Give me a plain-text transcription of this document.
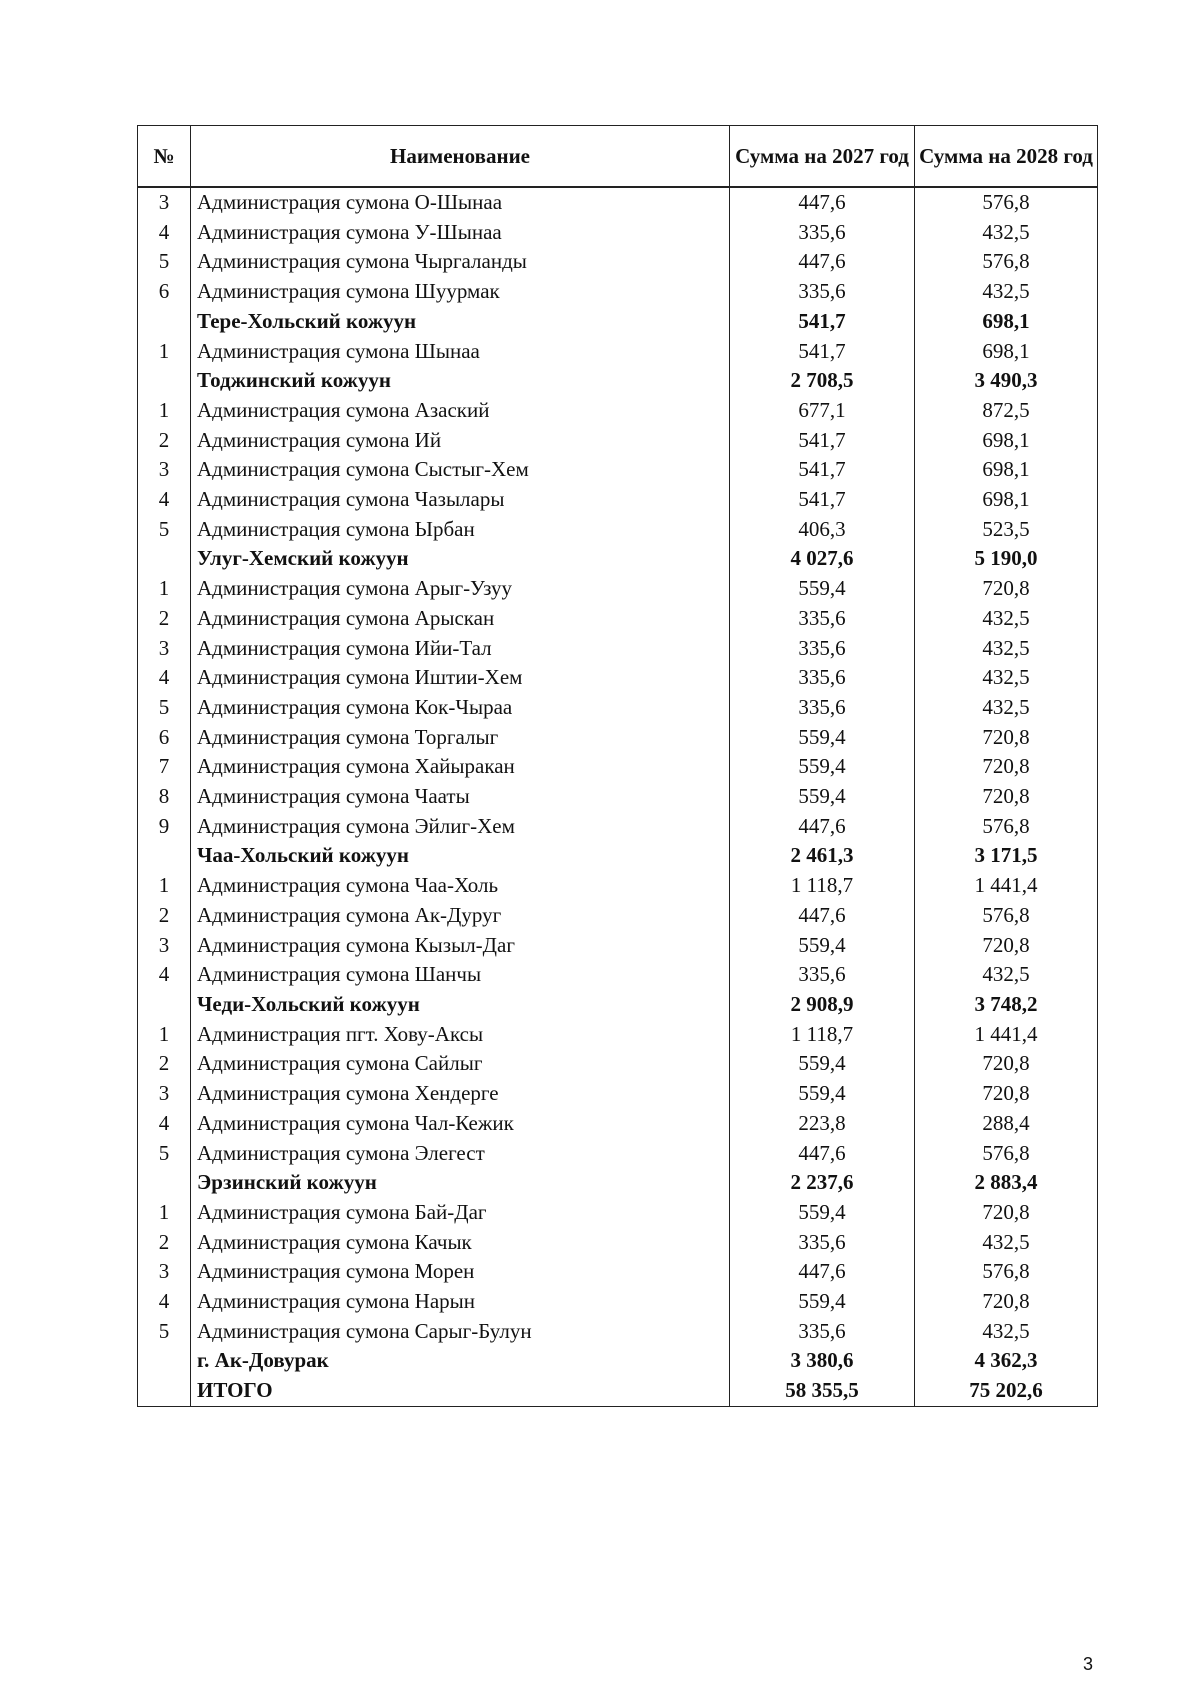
№	Наименование	Сумма на 2027 год	Сумма на 2028 год
3	Администрация сумона О-Шынаа	447,6	576,8
4	Администрация сумона У-Шынаа	335,6	432,5
5	Администрация сумона Чыргаланды	447,6	576,8
6	Администрация сумона Шуурмак	335,6	432,5
	Тере-Хольский кожуун	541,7	698,1
1	Администрация сумона Шынаа	541,7	698,1
	Тоджинский кожуун	2 708,5	3 490,3
1	Администрация сумона Азаский	677,1	872,5
2	Администрация сумона Ий	541,7	698,1
3	Администрация сумона Сыстыг-Хем	541,7	698,1
4	Администрация сумона Чазылары	541,7	698,1
5	Администрация сумона Ырбан	406,3	523,5
	Улуг-Хемский кожуун	4 027,6	5 190,0
1	Администрация сумона Арыг-Узуу	559,4	720,8
2	Администрация сумона Арыскан	335,6	432,5
3	Администрация сумона Ийи-Тал	335,6	432,5
4	Администрация сумона Иштии-Хем	335,6	432,5
5	Администрация сумона Кок-Чыраа	335,6	432,5
6	Администрация сумона Торгалыг	559,4	720,8
7	Администрация сумона Хайыракан	559,4	720,8
8	Администрация сумона Чааты	559,4	720,8
9	Администрация сумона Эйлиг-Хем	447,6	576,8
	Чаа-Хольский кожуун	2 461,3	3 171,5
1	Администрация сумона Чаа-Холь	1 118,7	1 441,4
2	Администрация сумона Ак-Дуруг	447,6	576,8
3	Администрация сумона Кызыл-Даг	559,4	720,8
4	Администрация сумона Шанчы	335,6	432,5
	Чеди-Хольский кожуун	2 908,9	3 748,2
1	Администрация пгт. Хову-Аксы	1 118,7	1 441,4
2	Администрация сумона Сайлыг	559,4	720,8
3	Администрация сумона Хендерге	559,4	720,8
4	Администрация сумона Чал-Кежик	223,8	288,4
5	Администрация сумона Элегест	447,6	576,8
	Эрзинский кожуун	2 237,6	2 883,4
1	Администрация сумона Бай-Даг	559,4	720,8
2	Администрация сумона Качык	335,6	432,5
3	Администрация сумона Морен	447,6	576,8
4	Администрация сумона Нарын	559,4	720,8
5	Администрация сумона Сарыг-Булун	335,6	432,5
	г. Ак-Довурак	3 380,6	4 362,3
	ИТОГО	58 355,5	75 202,6
3
